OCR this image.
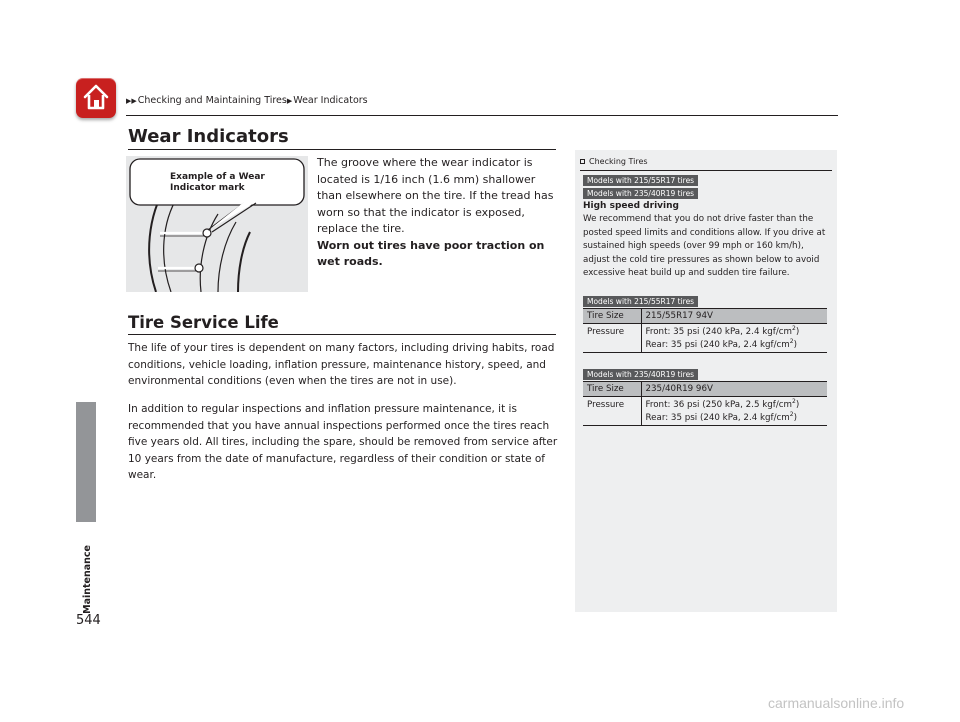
▶▶ Checking and Maintaining Tires ▶ Wear Indicators
Maintenance
Wear Indicators
Example of a Wear Indicator mark
The groove where the wear indicator is located is 1/16 inch (1.6 mm) shallower than elsewhere on the tire. If the tread has worn so that the indicator is exposed, replace the tire.
Worn out tires have poor traction on wet roads.
Tire Service Life
The life of your tires is dependent on many factors, including driving habits, road conditions, vehicle loading, inflation pressure, maintenance history, speed, and environmental conditions (even when the tires are not in use).
In addition to regular inspections and inflation pressure maintenance, it is recommended that you have annual inspections performed once the tires reach five years old. All tires, including the spare, should be removed from service after 10 years from the date of manufacture, regardless of their condition or state of wear.
Checking Tires
Models with 215/55R17 tires
Models with 235/40R19 tires
High speed driving
We recommend that you do not drive faster than the posted speed limits and conditions allow. If you drive at sustained high speeds (over 99 mph or 160 km/h), adjust the cold tire pressures as shown below to avoid excessive heat build up and sudden tire failure.
Models with 215/55R17 tires
Tire Size	215/55R17 94V
Pressure	Front: 35 psi (240 kPa, 2.4 kgf/$cm^2$)
Rear: 35 psi (240 kPa, 2.4 kgf/$cm^2$)
Models with 235/40R19 tires
Tire Size	235/40R19 96V
Pressure	Front: 36 psi (250 kPa, 2.5 kgf/$cm^2$)
Rear: 35 psi (240 kPa, 2.4 kgf/$cm^2$)
544
carmanualsonline.info
